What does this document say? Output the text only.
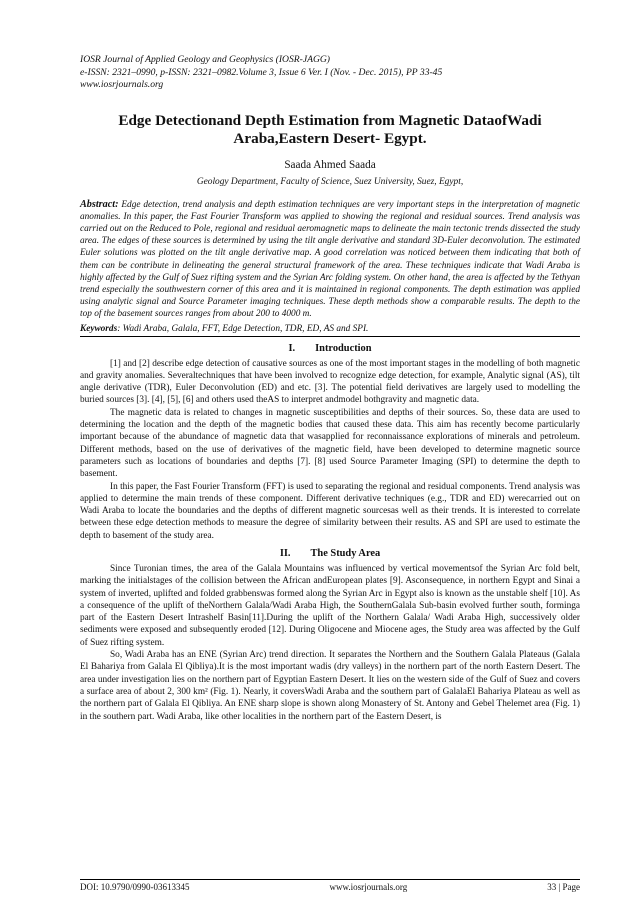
IOSR Journal of Applied Geology and Geophysics (IOSR-JAGG)
e-ISSN: 2321–0990, p-ISSN: 2321–0982.Volume 3, Issue 6 Ver. I (Nov. - Dec. 2015), PP 33-45
www.iosrjournals.org
Edge Detectionand Depth Estimation from Magnetic DataofWadi Araba,Eastern Desert- Egypt.
Saada Ahmed Saada
Geology Department, Faculty of Science, Suez University, Suez, Egypt,
Abstract: Edge detection, trend analysis and depth estimation techniques are very important steps in the interpretation of magnetic anomalies. In this paper, the Fast Fourier Transform was applied to showing the regional and residual sources. Trend analysis was carried out on the Reduced to Pole, regional and residual aeromagnetic maps to delineate the main tectonic trends dissected the study area. The edges of these sources is determined by using the tilt angle derivative and standard 3D-Euler deconvolution. The estimated Euler solutions was plotted on the tilt angle derivative map. A good correlation was noticed between them indicating that both of them can be contribute in delineating the general structural framework of the area. These techniques indicate that Wadi Araba is highly affected by the Gulf of Suez rifting system and the Syrian Arc folding system. On other hand, the area is affected by the Tethyan trend especially the southwestern corner of this area and it is maintained in regional components. The depth estimation was applied using analytic signal and Source Parameter imaging techniques. These depth methods show a comparable results. The depth to the top of the basement sources ranges from about 200 to 4000 m.
Keywords: Wadi Araba, Galala, FFT, Edge Detection, TDR, ED, AS and SPI.
I. Introduction

[1] and [2] describe edge detection of causative sources as one of the most important stages in the modelling of both magnetic and gravity anomalies. Severaltechniques that have been involved to recognize edge detection, for example, Analytic signal (AS), tilt angle derivative (TDR), Euler Deconvolution (ED) and etc. [3]. The potential field derivatives are largely used to modelling the buried sources [3]. [4], [5], [6] and others used theAS to interpret andmodel bothgravity and magnetic data.

The magnetic data is related to changes in magnetic susceptibilities and depths of their sources. So, these data are used to determining the location and the depth of the magnetic bodies that caused these data. This aim has recently become particularly important because of the abundance of magnetic data that wasapplied for reconnaissance explorations of minerals and petroleum. Different methods, based on the use of derivatives of the magnetic field, have been developed to determine magnetic source parameters such as locations of boundaries and depths [7]. [8] used Source Parameter Imaging (SPI) to determine the depth to basement.

In this paper, the Fast Fourier Transform (FFT) is used to separating the regional and residual components. Trend analysis was applied to determine the main trends of these component. Different derivative techniques (e.g., TDR and ED) werecarried out on Wadi Araba to locate the boundaries and the depths of different magnetic sourcesas well as their trends. It is interested to correlate between these edge detection methods to measure the degree of similarity between their results. AS and SPI are used to estimate the depth to basement of the study area.

II. The Study Area

Since Turonian times, the area of the Galala Mountains was influenced by vertical movementsof the Syrian Arc fold belt, marking the initialstages of the collision between the African andEuropean plates [9]. Asconsequence, in northern Egypt and Sinai a system of inverted, uplifted and folded grabbenswas formed along the Syrian Arc in Egypt also is known as the unstable shelf [10]. As a consequence of the uplift of theNorthern Galala/Wadi Araba High, the SouthernGalala Sub-basin evolved further south, forminga part of the Eastern Desert Intrashelf Basin[11].During the uplift of the Northern Galala/ Wadi Araba High, successively older sediments were exposed and subsequently eroded [12]. During Oligocene and Miocene ages, the Study area was affected by the Gulf of Suez rifting system.

So, Wadi Araba has an ENE (Syrian Arc) trend direction. It separates the Northern and the Southern Galala Plateaus (Galala El Bahariya from Galala El Qibliya).It is the most important wadis (dry valleys) in the northern part of the north Eastern Desert. The area under investigation lies on the northern part of Egyptian Eastern Desert. It lies on the western side of the Gulf of Suez and covers a surface area of about 2, 300 km² (Fig. 1). Nearly, it coversWadi Araba and the southern part of GalalaEl Bahariya Plateau as well as the northern part of Galala El Qibliya. An ENE sharp slope is shown along Monastery of St. Antony and Gebel Thelemet area (Fig. 1) in the southern part. Wadi Araba, like other localities in the northern part of the Eastern Desert, is

DOI: 10.9790/0990-03613345	www.iosrjournals.org	33 | Page
